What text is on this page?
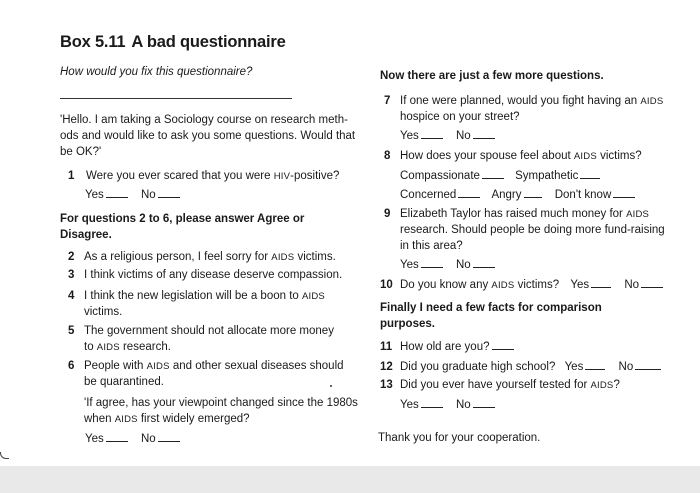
Box 5.11 A bad questionnaire
How would you fix this questionnaire?
'Hello. I am taking a Sociology course on research meth-
ods and would like to ask you some questions. Would that
be OK?'
1 Were you ever scared that you were HIV-positive?
Yes	No
For questions 2 to 6, please answer Agree or
Disagree.
2 As a religious person, I feel sorry for AIDS victims.
3 I think victims of any disease deserve compassion.
4 I think the new legislation will be a boon to AIDS
victims.
5 The government should not allocate more money
to AIDS research.
6 People with AIDS and other sexual diseases should
be quarantined.
'If agree, has your viewpoint changed since the 1980s
when AIDS first widely emerged?
Yes	No
Now there are just a few more questions.
7 If one were planned, would you fight having an AIDS
hospice on your street?
Yes	No
8 How does your spouse feel about AIDS victims?
Compassionate	Sympathetic
Concerned	Angry	Don't know
9 Elizabeth Taylor has raised much money for AIDS
research. Should people be doing more fund-raising
in this area?
Yes	No
10 Do you know any AIDS victims? Yes	No
Finally I need a few facts for comparison
purposes.
11 How old are you?
12 Did you graduate high school? Yes	No
13 Did you ever have yourself tested for AIDS?
Yes	No
Thank you for your cooperation.
